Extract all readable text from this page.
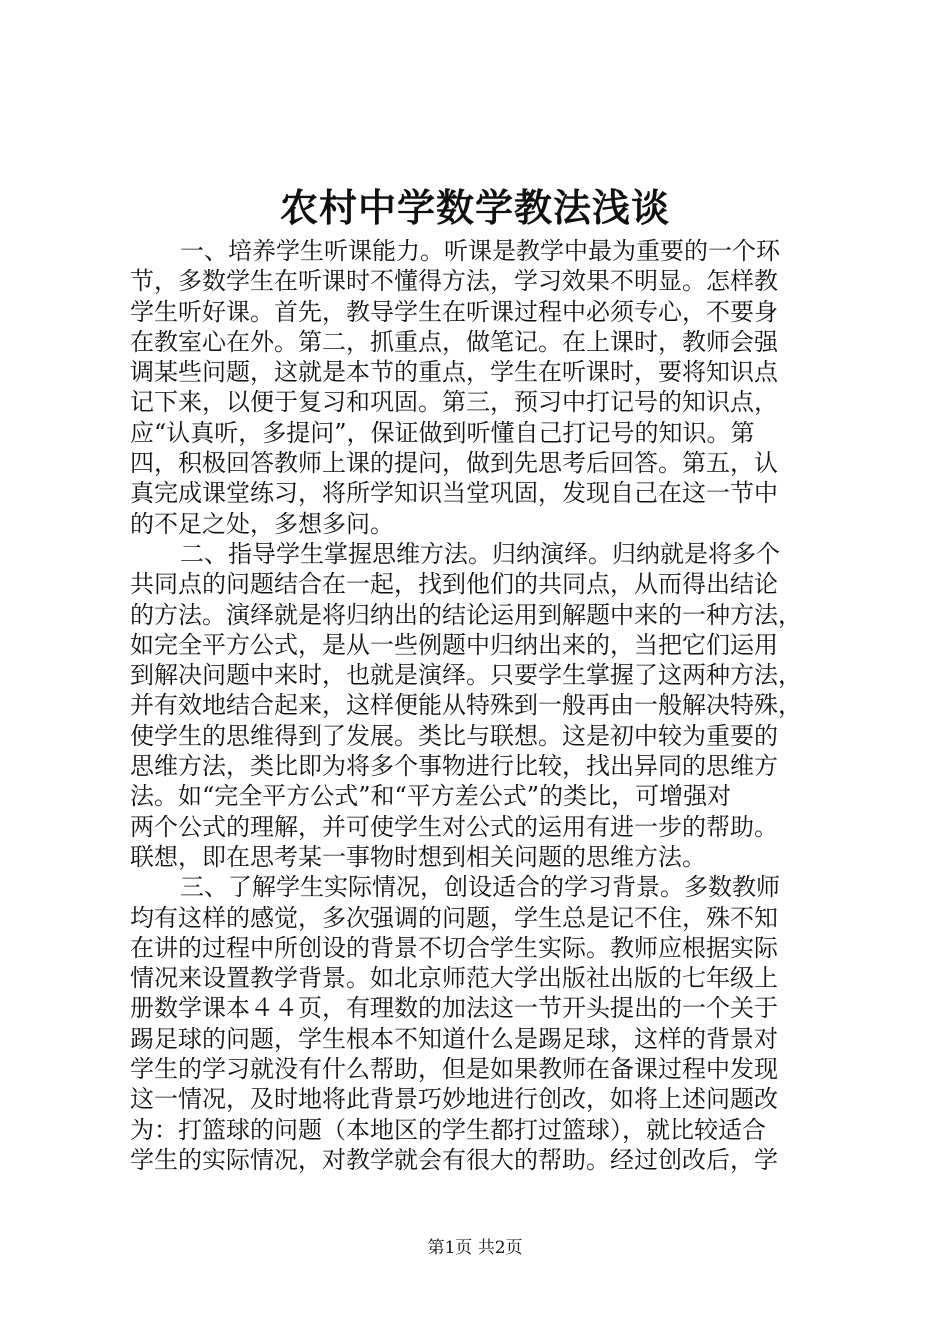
农村中学数学教法浅谈
一、培养学生听课能力。听课是教学中最为重要的一个环
节，多数学生在听课时不懂得方法，学习效果不明显。怎样教
学生听好课。首先，教导学生在听课过程中必须专心，不要身
在教室心在外。第二，抓重点，做笔记。在上课时，教师会强
调某些问题，这就是本节的重点，学生在听课时，要将知识点
记下来，以便于复习和巩固。第三，预习中打记号的知识点，
应“认真听，多提问”，保证做到听懂自己打记号的知识。第
四，积极回答教师上课的提问，做到先思考后回答。第五，认
真完成课堂练习，将所学知识当堂巩固，发现自己在这一节中
的不足之处，多想多问。
二、指导学生掌握思维方法。归纳演绎。归纳就是将多个
共同点的问题结合在一起，找到他们的共同点，从而得出结论
的方法。演绎就是将归纳出的结论运用到解题中来的一种方法，
如完全平方公式，是从一些例题中归纳出来的，当把它们运用
到解决问题中来时，也就是演绎。只要学生掌握了这两种方法，
并有效地结合起来，这样便能从特殊到一般再由一般解决特殊，
使学生的思维得到了发展。类比与联想。这是初中较为重要的
思维方法，类比即为将多个事物进行比较，找出异同的思维方
法。如“完全平方公式”和“平方差公式”的类比，可增强对
两个公式的理解，并可使学生对公式的运用有进一步的帮助。
联想，即在思考某一事物时想到相关问题的思维方法。
三、了解学生实际情况，创设适合的学习背景。多数教师
均有这样的感觉，多次强调的问题，学生总是记不住，殊不知
在讲的过程中所创设的背景不切合学生实际。教师应根据实际
情况来设置教学背景。如北京师范大学出版社出版的七年级上
册数学课本４４页，有理数的加法这一节开头提出的一个关于
踢足球的问题，学生根本不知道什么是踢足球，这样的背景对
学生的学习就没有什么帮助，但是如果教师在备课过程中发现
这一情况，及时地将此背景巧妙地进行创改，如将上述问题改
为：打篮球的问题（本地区的学生都打过篮球），就比较适合
学生的实际情况，对教学就会有很大的帮助。经过创改后，学
第1页 共2页
